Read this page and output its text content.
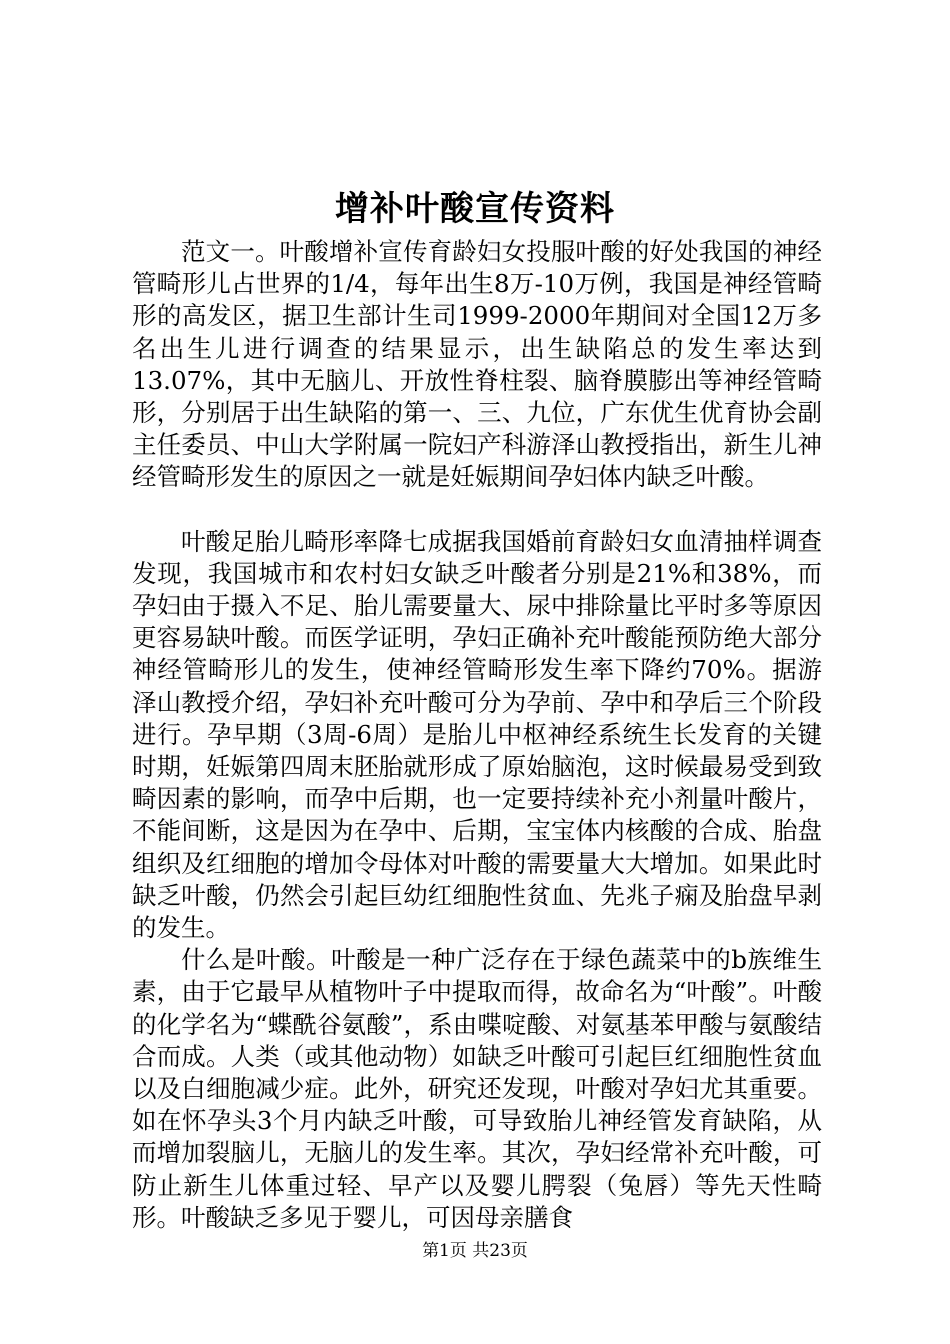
增补叶酸宣传资料

范文一。叶酸增补宣传育龄妇女投服叶酸的好处我国的神经管畸形儿占世界的1/4，每年出生8万-10万例，我国是神经管畸形的高发区，据卫生部计生司1999-2000年期间对全国12万多名出生儿进行调查的结果显示，出生缺陷总的发生率达到13.07%，其中无脑儿、开放性脊柱裂、脑脊膜膨出等神经管畸形，分别居于出生缺陷的第一、三、九位，广东优生优育协会副主任委员、中山大学附属一院妇产科游泽山教授指出，新生儿神经管畸形发生的原因之一就是妊娠期间孕妇体内缺乏叶酸。

叶酸足胎儿畸形率降七成据我国婚前育龄妇女血清抽样调查发现，我国城市和农村妇女缺乏叶酸者分别是21%和38%，而孕妇由于摄入不足、胎儿需要量大、尿中排除量比平时多等原因更容易缺叶酸。而医学证明，孕妇正确补充叶酸能预防绝大部分神经管畸形儿的发生，使神经管畸形发生率下降约70%。据游泽山教授介绍，孕妇补充叶酸可分为孕前、孕中和孕后三个阶段进行。孕早期（3周-6周）是胎儿中枢神经系统生长发育的关键时期，妊娠第四周末胚胎就形成了原始脑泡，这时候最易受到致畸因素的影响，而孕中后期，也一定要持续补充小剂量叶酸片，不能间断，这是因为在孕中、后期，宝宝体内核酸的合成、胎盘组织及红细胞的增加令母体对叶酸的需要量大大增加。如果此时缺乏叶酸，仍然会引起巨幼红细胞性贫血、先兆子痫及胎盘早剥的发生。

什么是叶酸。叶酸是一种广泛存在于绿色蔬菜中的b族维生素，由于它最早从植物叶子中提取而得，故命名为“叶酸”。叶酸的化学名为“蝶酰谷氨酸”，系由喋啶酸、对氨基苯甲酸与氨酸结合而成。人类（或其他动物）如缺乏叶酸可引起巨红细胞性贫血以及白细胞减少症。此外，研究还发现，叶酸对孕妇尤其重要。如在怀孕头3个月内缺乏叶酸，可导致胎儿神经管发育缺陷，从而增加裂脑儿，无脑儿的发生率。其次，孕妇经常补充叶酸，可防止新生儿体重过轻、早产以及婴儿腭裂（兔唇）等先天性畸形。叶酸缺乏多见于婴儿，可因母亲膳食

第1页 共23页
